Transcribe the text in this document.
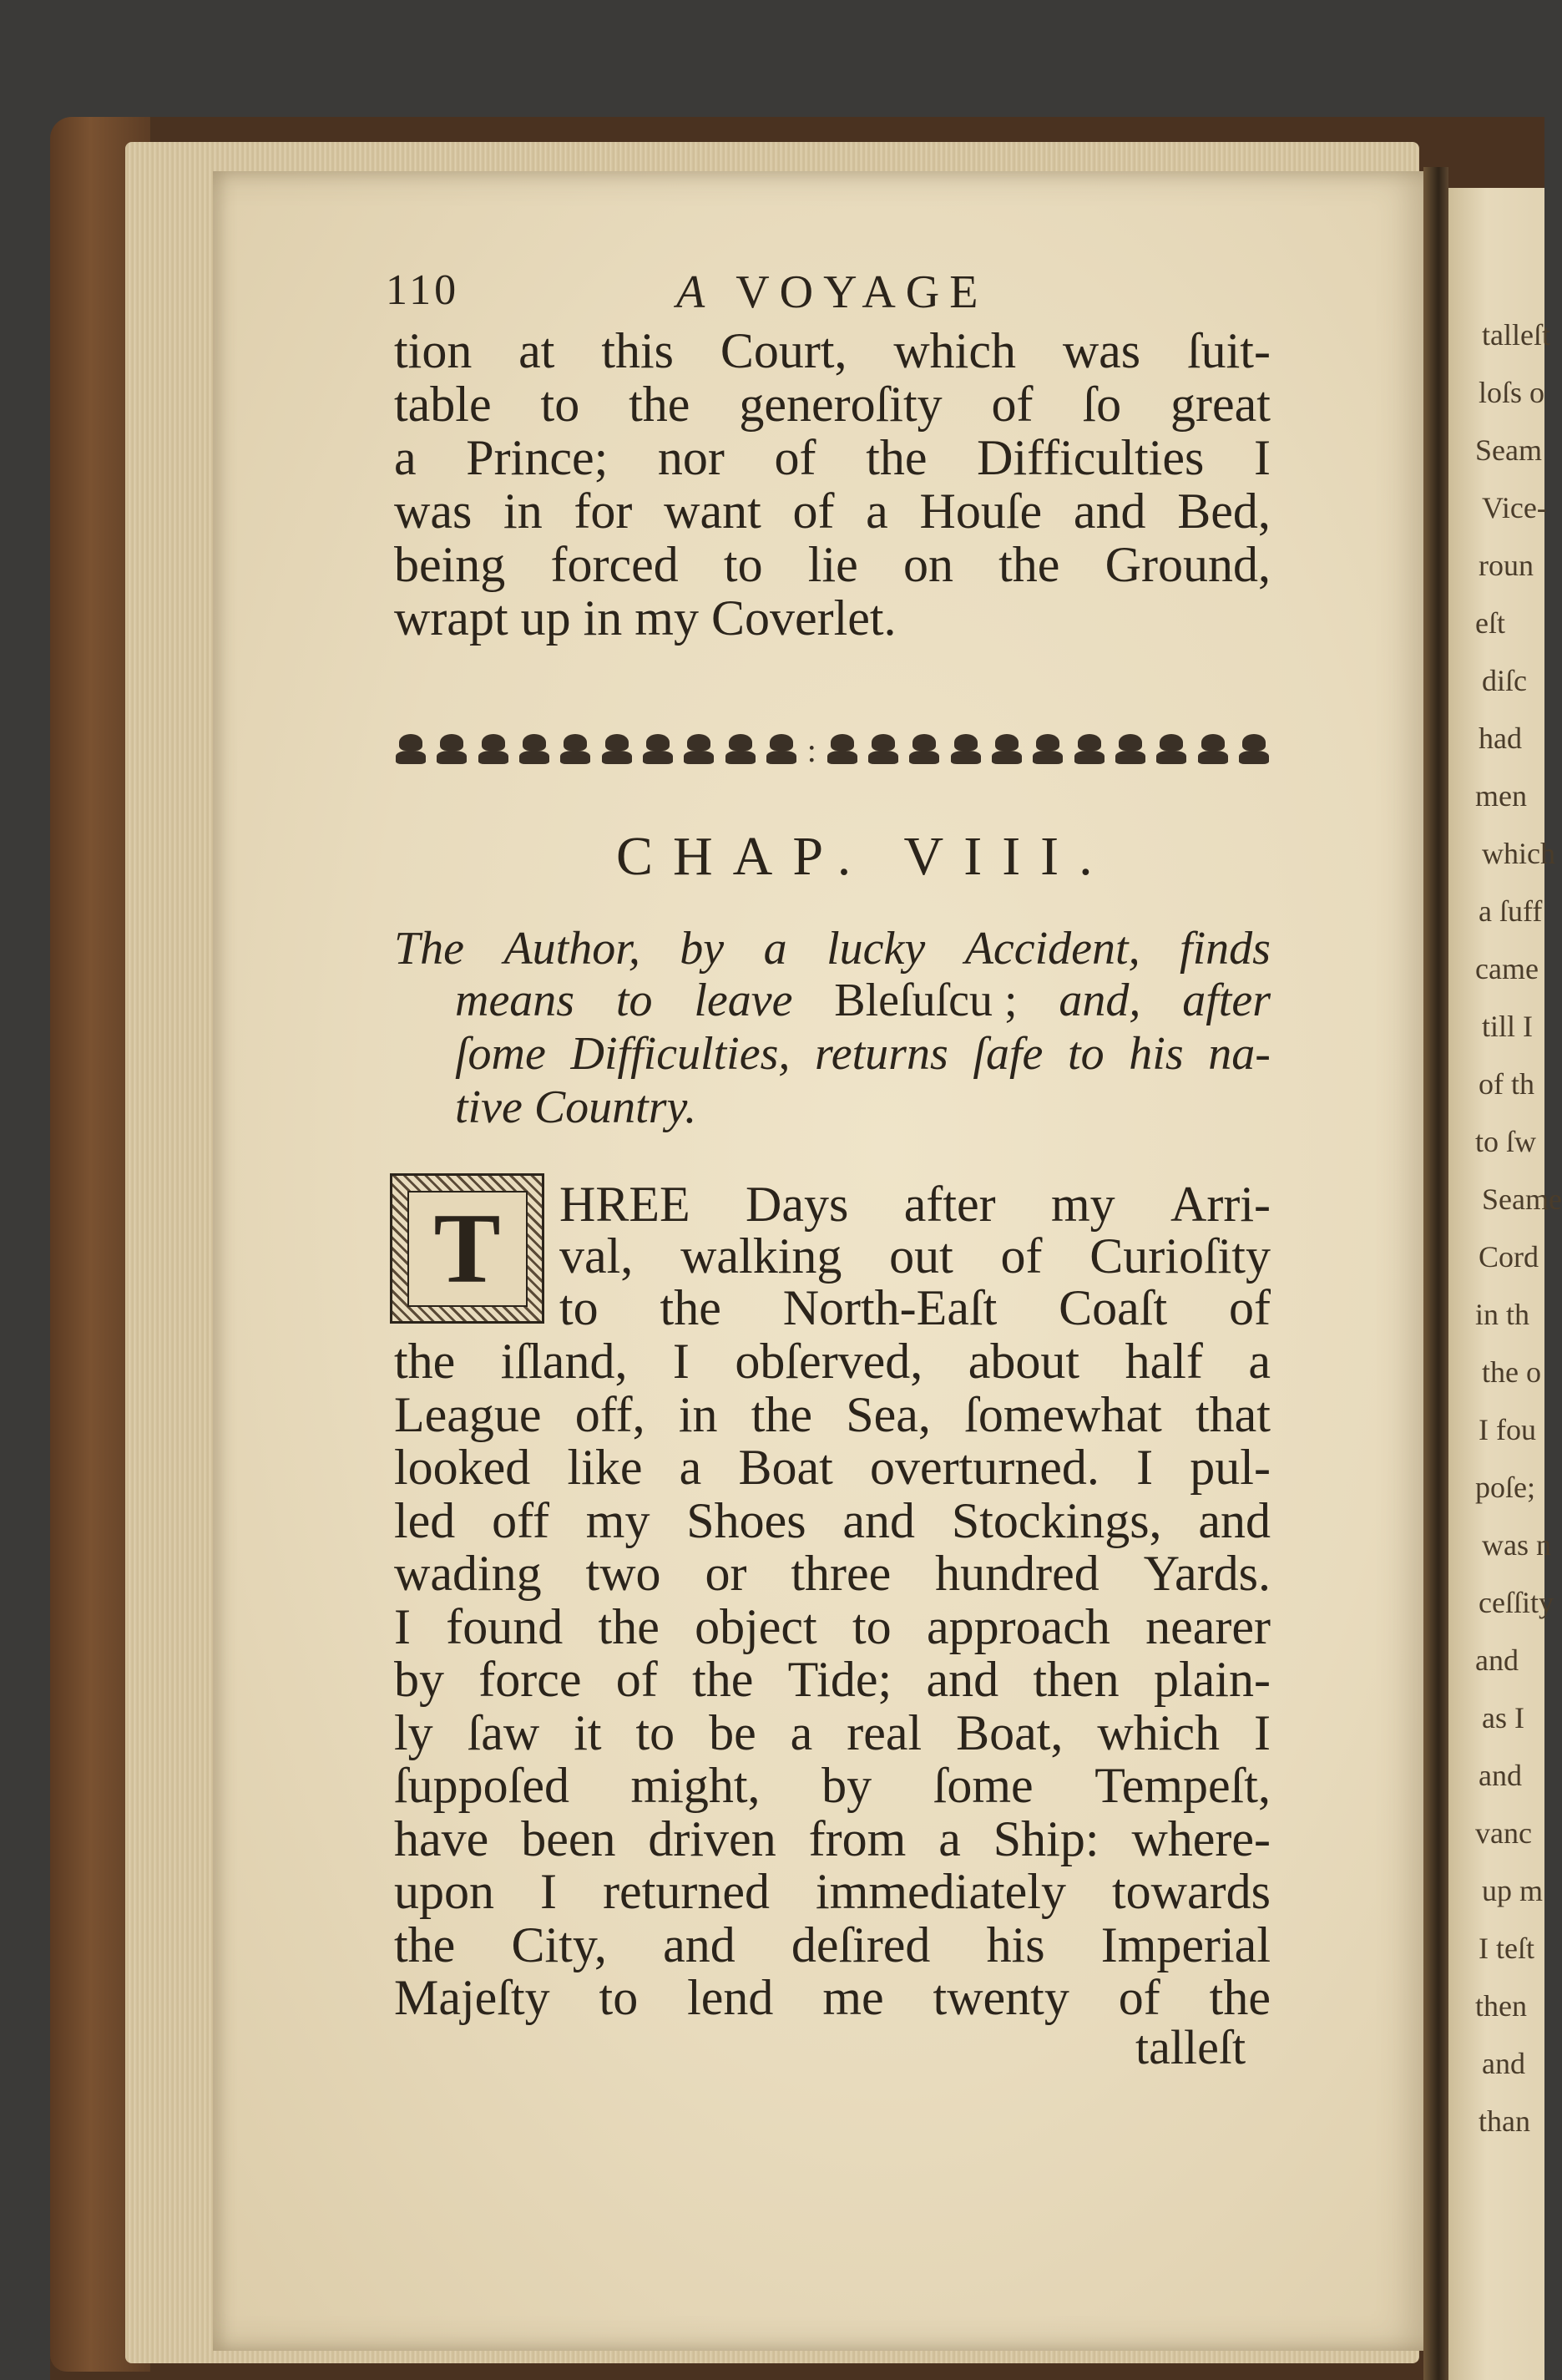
talleſt
loſs o
Seam
Vice-
roun
eſt
diſc
had
men
which
a ſuff
came
till I
of th
to ſw
Seame
Cord
in th
the o
I fou
poſe;
was n
ceſſity
and
as I
and
vanc
up m
I teſt
then
and
than
110	A VOYAGE
tion at this Court, which was ſuit-
table to the generoſity of ſo great
a Prince; nor of the Difficulties I
was in for want of a Houſe and Bed,
being forced to lie on the Ground,
wrapt up in my Coverlet.
:
CHAP. VIII.
The Author, by a lucky Accident, finds
means to leave Bleſuſcu ; and, after
ſome Difficulties, returns ſafe to his na-
tive Country.
T	HREE Days after my Arri-
val, walking out of Curioſity
to the North-Eaſt Coaſt of
the iſland, I obſerved, about half a
League off, in the Sea, ſomewhat that
looked like a Boat overturned. I pul-
led off my Shoes and Stockings, and
wading two or three hundred Yards.
I found the object to approach nearer
by force of the Tide; and then plain-
ly ſaw it to be a real Boat, which I
ſuppoſed might, by ſome Tempeſt,
have been driven from a Ship: where-
upon I returned immediately towards
the City, and deſired his Imperial
Majeſty to lend me twenty of the
talleſt
